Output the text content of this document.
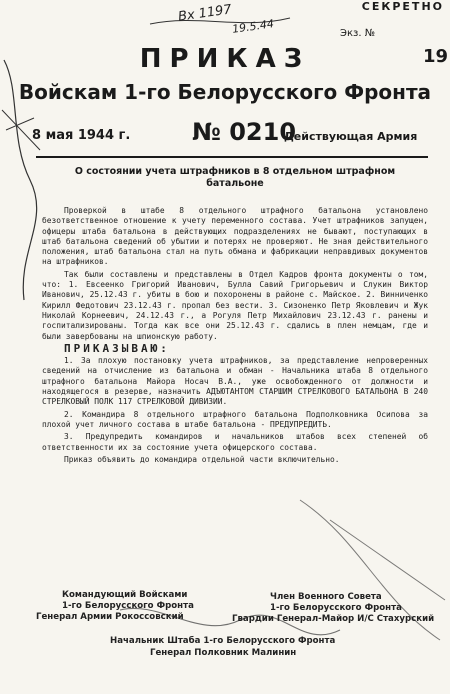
Вх 1197
19.5.44
СЕКРЕТНО
Экз. №
19
ПРИКАЗ
Войскам 1-го Белорусского Фронта
8 мая 1944 г.	№ 0210
Действующая Армия
О состоянии учета штрафников в 8 отдельном штрафном батальоне

Проверкой в штабе 8 отдельного штрафного батальона установлено безответственное отношение к учету переменного состава. Учет штрафников запущен, офицеры штаба батальона в действующих подразделениях не бывают, поступающих в штаб батальона сведений об убытии и потерях не проверяют. Не зная действительного положения, штаб батальона стал на путь обмана и фабрикации неправдивых документов на штрафников.

Так были составлены и представлены в Отдел Кадров фронта документы о том, что: 1. Евсеенко Григорий Иванович, Булла Савий Григорьевич и Слукин Виктор Иванович, 25.12.43 г. убиты в бою и похоронены в районе с. Майское. 2. Винниченко Кирилл Федотович 23.12.43 г. пропал без вести. 3. Сизоненко Петр Яковлевич и Жук Николай Корнеевич, 24.12.43 г., а Рогуля Петр Михайлович 23.12.43 г. ранены и госпитализированы. Тогда как все они 25.12.43 г. сдались в плен немцам, где и были завербованы на шпионскую работу.

ПРИКАЗЫВАЮ:

1. За плохую постановку учета штрафников, за представление непроверенных сведений на отчисление из батальона и обман - Начальника штаба 8 отдельного штрафного батальона Майора Носач В.А., уже освобожденного от должности и находящегося в резерве, назначить АДЪЮТАНТОМ СТАРШИМ СТРЕЛКОВОГО БАТАЛЬОНА В 240 СТРЕЛКОВЫЙ ПОЛК 117 СТРЕЛКОВОЙ ДИВИЗИИ.

2. Командира 8 отдельного штрафного батальона Подполковника Осипова за плохой учет личного состава в штабе батальона - ПРЕДУПРЕДИТЬ.

3. Предупредить командиров и начальников штабов всех степеней об ответственности их за состояние учета офицерского состава.

Приказ объявить до командира отдельной части включительно.

Командующий Войсками
1-го Белорусского Фронта
Генерал Армии Рокоссовский
Член Военного Совета
1-го Белорусского Фронта
Гвардии Генерал-Майор И/С Стахурский
Начальник Штаба 1-го Белорусского Фронта
Генерал Полковник Малинин
